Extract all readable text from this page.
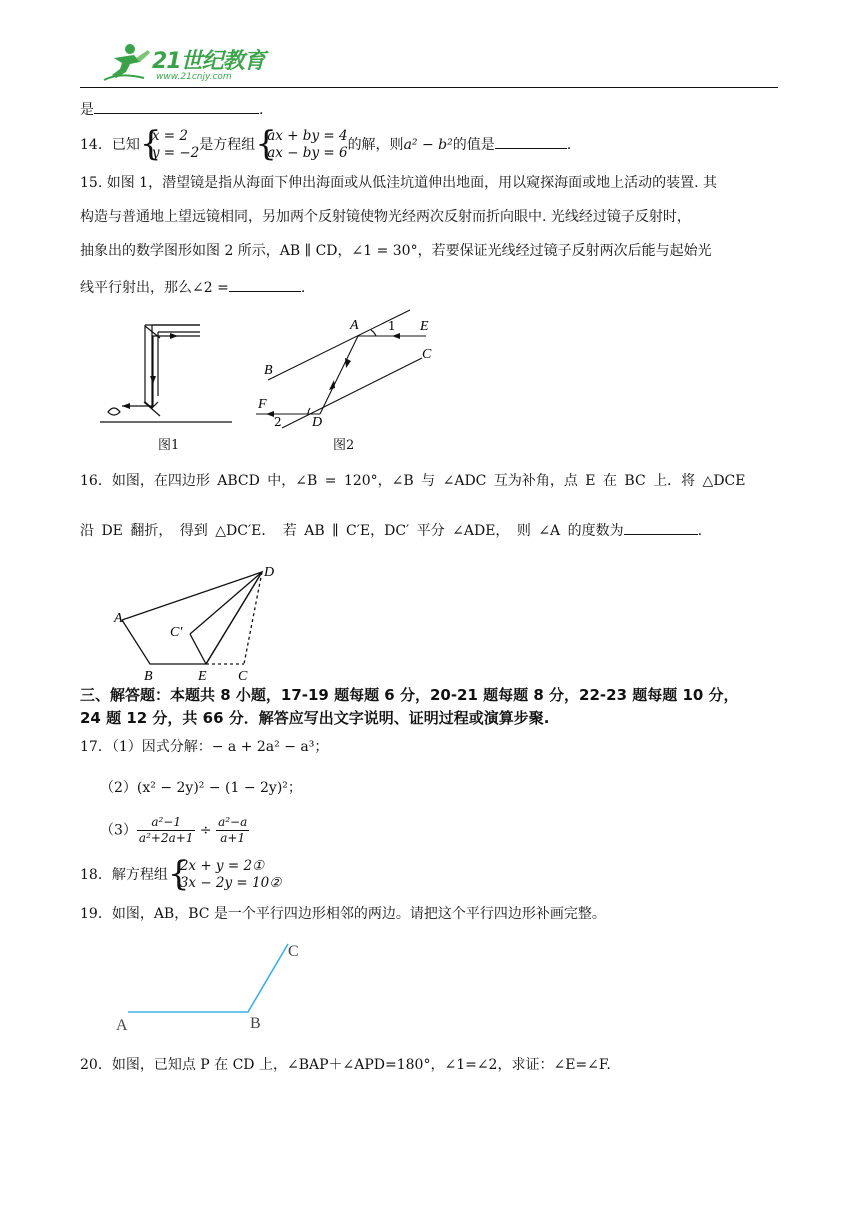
21世纪教育
www.21cnjy.com
是	.
14．已知 {
x = 2
y = −2 是方程组 {
ax + by = 4
ax − by = 6 的解，则a² − b²的值是	.
15. 如图 1，潜望镜是指从海面下伸出海面或从低洼坑道伸出地面，用以窥探海面或地上活动的装置. 其
构造与普通地上望远镜相同，另加两个反射镜使物光经两次反射而折向眼中. 光线经过镜子反射时，
抽象出的数学图形如图 2 所示，AB ∥ CD，∠1 = 30°，若要保证光线经过镜子反射两次后能与起始光
线平行射出，那么∠2 =	.
图1
A 1 E
C
B
F
2 D
图2
16．如图，在四边形 ABCD 中，∠B = 120°，∠B 与 ∠ADC 互为补角，点 E 在 BC 上．将 △DCE
沿 DE 翻折， 得到 △DC′E． 若 AB ∥ C′E，DC′ 平分 ∠ADE， 则 ∠A 的度数为	.
A
D
C′
B	E C
三、解答题：本题共 8 小题，17-19 题每题 6 分，20-21 题每题 8 分，22-23 题每题 10 分，
24 题 12 分，共 66 分．解答应写出文字说明、证明过程或演算步聚.
17．（1）因式分解：− a + 2a² − a³；
（2）(x² − 2y)² − (1 − 2y)²；
$(3) \frac{\text{a²−1}}{\text{a²+2a+1}} \div \frac{\text{a²−a}}{a+1}$
18．解方程组 {
2x + y = 2①
3x − 2y = 10②
19．如图，AB，BC 是一个平行四边形相邻的两边。请把这个平行四边形补画完整。
A	B
C
20．如图，已知点 P 在 CD 上，∠BAP＋∠APD=180°，∠1=∠2，求证：∠E=∠F.
